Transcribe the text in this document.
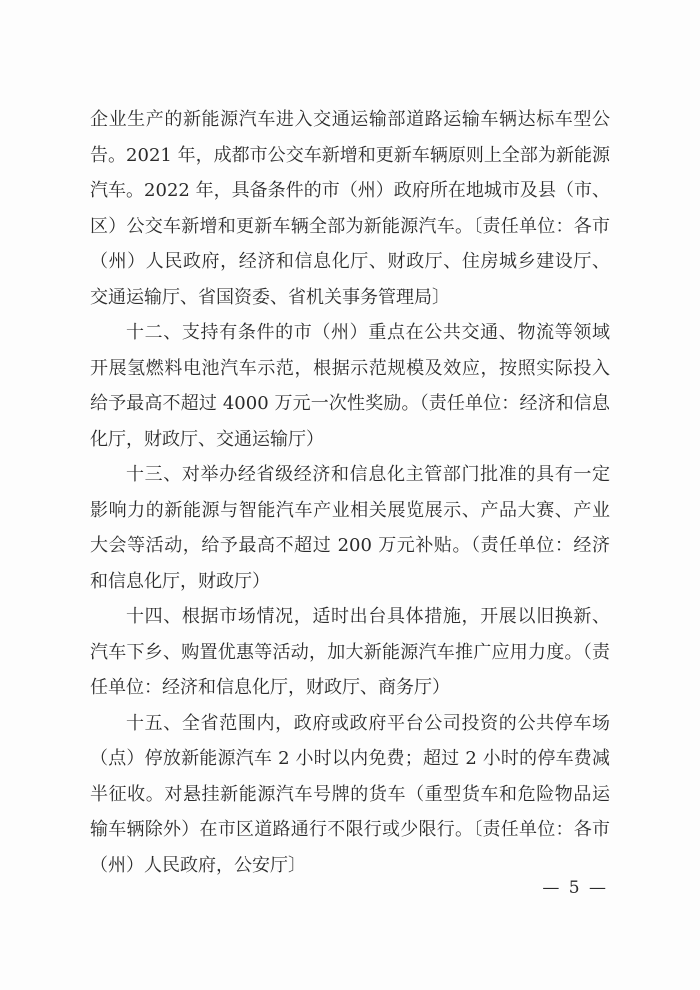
企业生产的新能源汽车进入交通运输部道路运输车辆达标车型公告。2021 年，成都市公交车新增和更新车辆原则上全部为新能源汽车。2022 年，具备条件的市（州）政府所在地城市及县（市、区）公交车新增和更新车辆全部为新能源汽车。〔责任单位：各市（州）人民政府，经济和信息化厅、财政厅、住房城乡建设厅、交通运输厅、省国资委、省机关事务管理局〕

十二、支持有条件的市（州）重点在公共交通、物流等领域开展氢燃料电池汽车示范，根据示范规模及效应，按照实际投入给予最高不超过 4000 万元一次性奖励。（责任单位：经济和信息化厅，财政厅、交通运输厅）

十三、对举办经省级经济和信息化主管部门批准的具有一定影响力的新能源与智能汽车产业相关展览展示、产品大赛、产业大会等活动，给予最高不超过 200 万元补贴。（责任单位：经济和信息化厅，财政厅）

十四、根据市场情况，适时出台具体措施，开展以旧换新、汽车下乡、购置优惠等活动，加大新能源汽车推广应用力度。（责任单位：经济和信息化厅，财政厅、商务厅）

十五、全省范围内，政府或政府平台公司投资的公共停车场（点）停放新能源汽车 2 小时以内免费；超过 2 小时的停车费减半征收。对悬挂新能源汽车号牌的货车（重型货车和危险物品运输车辆除外）在市区道路通行不限行或少限行。〔责任单位：各市（州）人民政府，公安厅〕

— 5 —
